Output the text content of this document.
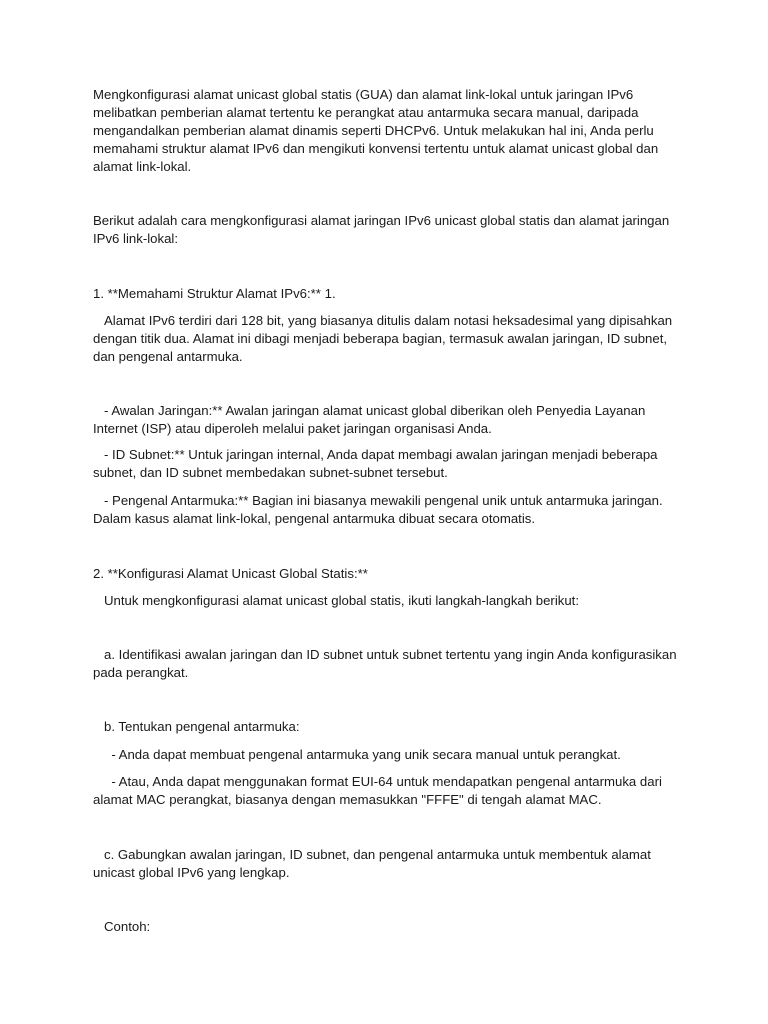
Mengkonfigurasi alamat unicast global statis (GUA) dan alamat link-lokal untuk jaringan IPv6 melibatkan pemberian alamat tertentu ke perangkat atau antarmuka secara manual, daripada mengandalkan pemberian alamat dinamis seperti DHCPv6. Untuk melakukan hal ini, Anda perlu memahami struktur alamat IPv6 dan mengikuti konvensi tertentu untuk alamat unicast global dan alamat link-lokal.

Berikut adalah cara mengkonfigurasi alamat jaringan IPv6 unicast global statis dan alamat jaringan IPv6 link-lokal:

1. **Memahami Struktur Alamat IPv6:** 1.

Alamat IPv6 terdiri dari 128 bit, yang biasanya ditulis dalam notasi heksadesimal yang dipisahkan dengan titik dua. Alamat ini dibagi menjadi beberapa bagian, termasuk awalan jaringan, ID subnet, dan pengenal antarmuka.

- Awalan Jaringan:** Awalan jaringan alamat unicast global diberikan oleh Penyedia Layanan Internet (ISP) atau diperoleh melalui paket jaringan organisasi Anda.

- ID Subnet:** Untuk jaringan internal, Anda dapat membagi awalan jaringan menjadi beberapa subnet, dan ID subnet membedakan subnet-subnet tersebut.

- Pengenal Antarmuka:** Bagian ini biasanya mewakili pengenal unik untuk antarmuka jaringan. Dalam kasus alamat link-lokal, pengenal antarmuka dibuat secara otomatis.

2. **Konfigurasi Alamat Unicast Global Statis:**

Untuk mengkonfigurasi alamat unicast global statis, ikuti langkah-langkah berikut:

a. Identifikasi awalan jaringan dan ID subnet untuk subnet tertentu yang ingin Anda konfigurasikan pada perangkat.

b. Tentukan pengenal antarmuka:

- Anda dapat membuat pengenal antarmuka yang unik secara manual untuk perangkat.

- Atau, Anda dapat menggunakan format EUI-64 untuk mendapatkan pengenal antarmuka dari alamat MAC perangkat, biasanya dengan memasukkan "FFFE" di tengah alamat MAC.

c. Gabungkan awalan jaringan, ID subnet, dan pengenal antarmuka untuk membentuk alamat unicast global IPv6 yang lengkap.

Contoh:
